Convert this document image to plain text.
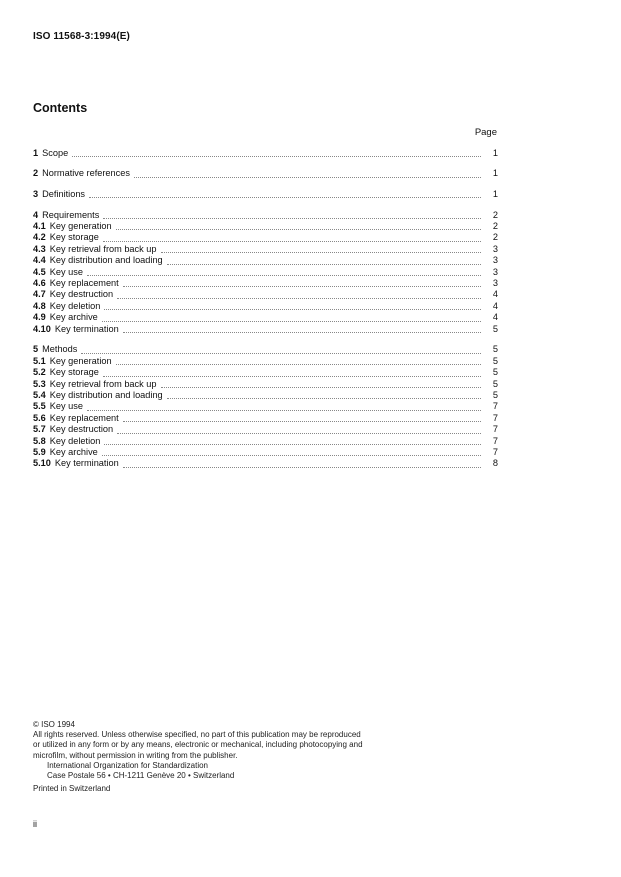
ISO 11568-3:1994(E)
Contents
Page
1 Scope	1
2 Normative references	1
3 Definitions	1
4 Requirements	2
4.1 Key generation	2
4.2 Key storage	2
4.3 Key retrieval from back up	3
4.4 Key distribution and loading	3
4.5 Key use	3
4.6 Key replacement	3
4.7 Key destruction	4
4.8 Key deletion	4
4.9 Key archive	4
4.10 Key termination	5
5 Methods	5
5.1 Key generation	5
5.2 Key storage	5
5.3 Key retrieval from back up	5
5.4 Key distribution and loading	5
5.5 Key use	7
5.6 Key replacement	7
5.7 Key destruction	7
5.8 Key deletion	7
5.9 Key archive	7
5.10 Key termination	8
© ISO 1994
All rights reserved. Unless otherwise specified, no part of this publication may be reproduced
or utilized in any form or by any means, electronic or mechanical, including photocopying and
microfilm, without permission in writing from the publisher.
International Organization for Standardization
Case Postale 56 • CH-1211 Genève 20 • Switzerland
Printed in Switzerland
ii
